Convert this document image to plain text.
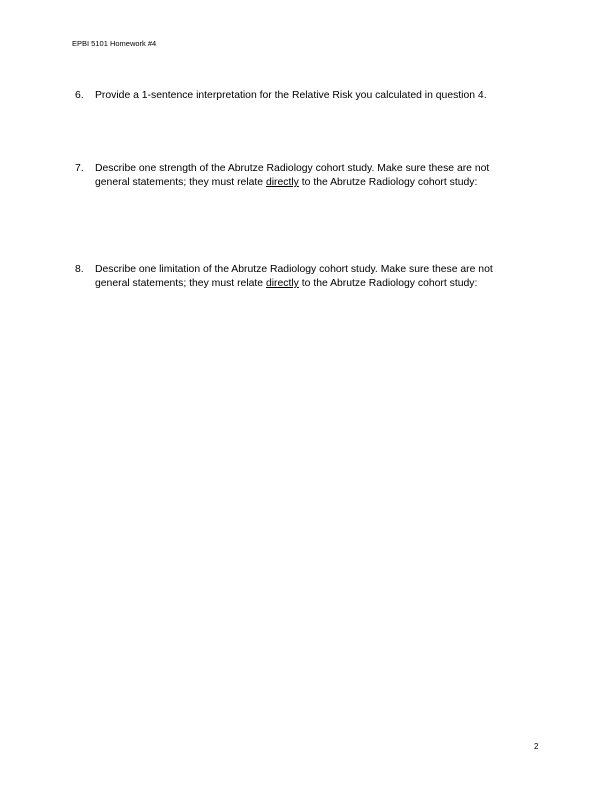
EPBI 5101 Homework #4
6.	Provide a 1-sentence interpretation for the Relative Risk you calculated in question 4.
7.	Describe one strength of the Abrutze Radiology cohort study. Make sure these are not
general statements; they must relate directly to the Abrutze Radiology cohort study:
8.	Describe one limitation of the Abrutze Radiology cohort study. Make sure these are not
general statements; they must relate directly to the Abrutze Radiology cohort study:
2
